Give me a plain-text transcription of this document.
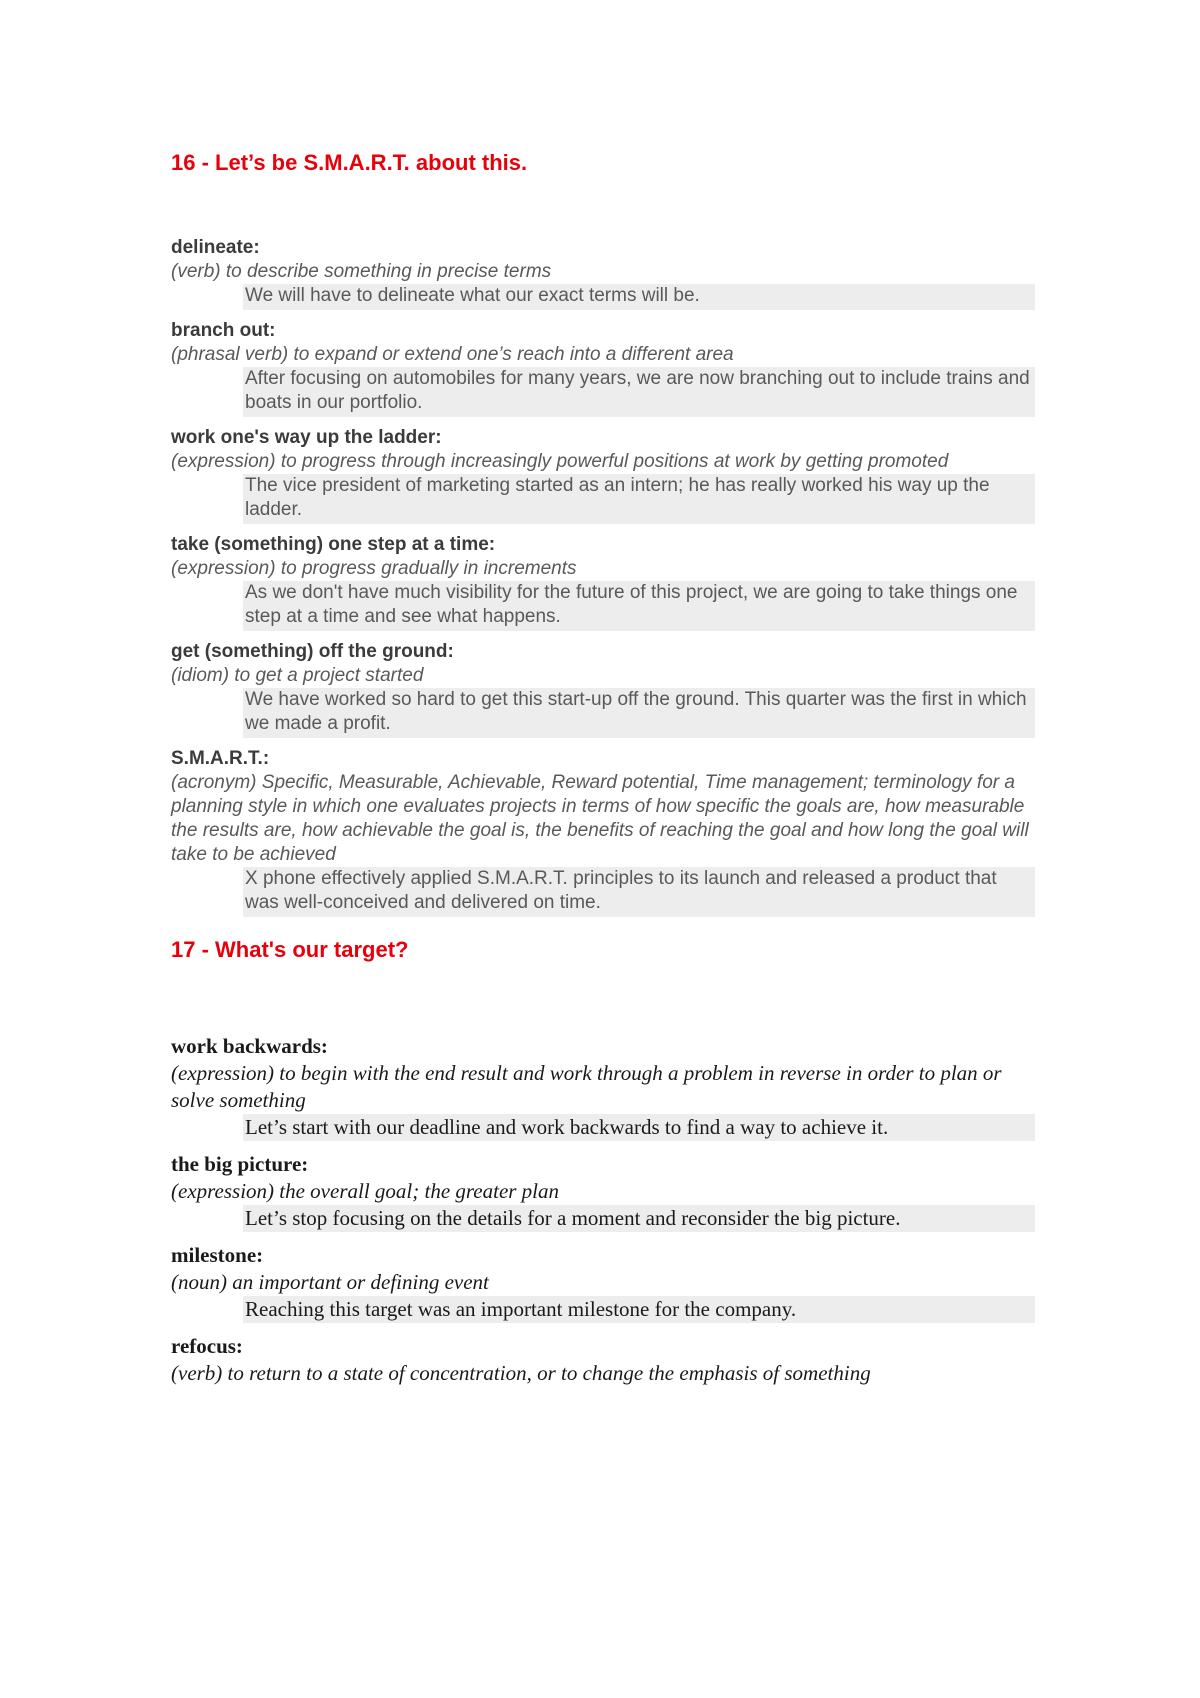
16 - Let’s be S.M.A.R.T. about this.

delineate:

(verb) to describe something in precise terms

We will have to delineate what our exact terms will be.

branch out:

(phrasal verb) to expand or extend one’s reach into a different area

After focusing on automobiles for many years, we are now branching out to include trains and boats in our portfolio.

work one's way up the ladder:

(expression) to progress through increasingly powerful positions at work by getting promoted

The vice president of marketing started as an intern; he has really worked his way up the ladder.

take (something) one step at a time:

(expression) to progress gradually in increments

As we don't have much visibility for the future of this project, we are going to take things one step at a time and see what happens.

get (something) off the ground:

(idiom) to get a project started

We have worked so hard to get this start-up off the ground. This quarter was the first in which we made a profit.

S.M.A.R.T.:

(acronym) Specific, Measurable, Achievable, Reward potential, Time management; terminology for a planning style in which one evaluates projects in terms of how specific the goals are, how measurable the results are, how achievable the goal is, the benefits of reaching the goal and how long the goal will take to be achieved

X phone effectively applied S.M.A.R.T. principles to its launch and released a product that was well-conceived and delivered on time.

17 - What's our target?

work backwards:

(expression) to begin with the end result and work through a problem in reverse in order to plan or solve something

Let’s start with our deadline and work backwards to find a way to achieve it.

the big picture:

(expression) the overall goal; the greater plan

Let’s stop focusing on the details for a moment and reconsider the big picture.

milestone:

(noun) an important or defining event

Reaching this target was an important milestone for the company.

refocus:

(verb) to return to a state of concentration, or to change the emphasis of something
